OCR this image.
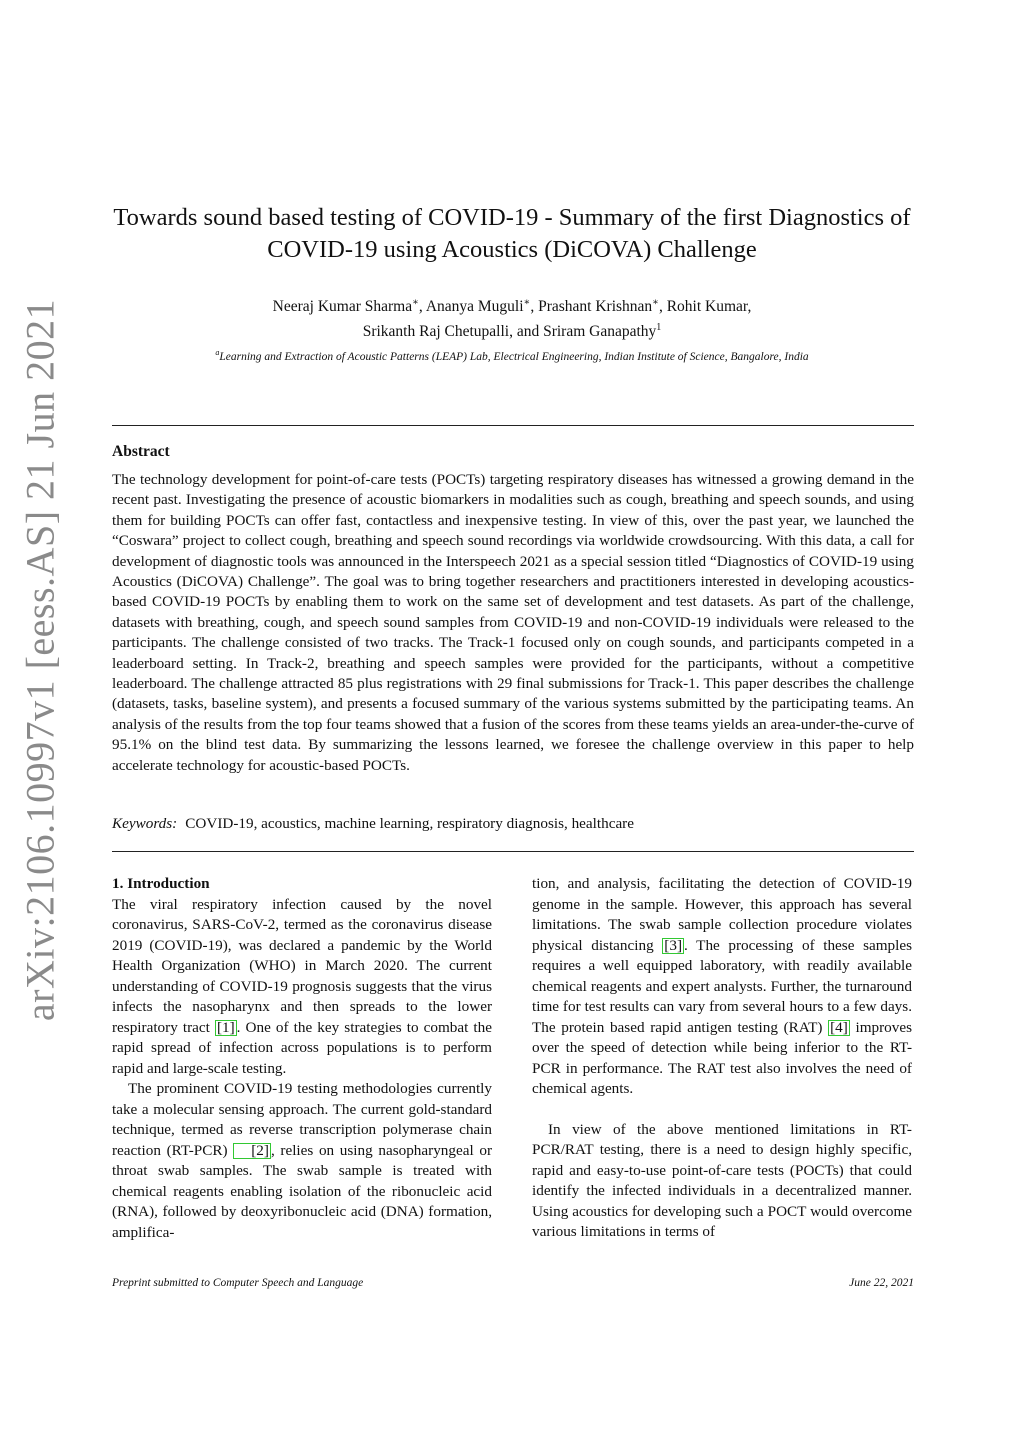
arXiv:2106.10997v1 [eess.AS] 21 Jun 2021
Towards sound based testing of COVID-19 - Summary of the first Diagnostics of
COVID-19 using Acoustics (DiCOVA) Challenge
Neeraj Kumar Sharma∗, Ananya Muguli∗, Prashant Krishnan∗, Rohit Kumar,
Srikanth Raj Chetupalli, and Sriram Ganapathy$^1$
$^a$Learning and Extraction of Acoustic Patterns (LEAP) Lab, Electrical Engineering, Indian Institute of Science, Bangalore, India
Abstract
The technology development for point-of-care tests (POCTs) targeting respiratory diseases has witnessed a growing demand in the recent past. Investigating the presence of acoustic biomarkers in modalities such as cough, breathing and speech sounds, and using them for building POCTs can offer fast, contactless and inexpensive testing. In view of this, over the past year, we launched the “Coswara” project to collect cough, breathing and speech sound recordings via worldwide crowdsourcing. With this data, a call for development of diagnostic tools was announced in the Interspeech 2021 as a special session titled “Diagnostics of COVID-19 using Acoustics (DiCOVA) Challenge”. The goal was to bring together researchers and practitioners interested in developing acoustics-based COVID-19 POCTs by enabling them to work on the same set of development and test datasets. As part of the challenge, datasets with breathing, cough, and speech sound samples from COVID-19 and non-COVID-19 individuals were released to the participants. The challenge consisted of two tracks. The Track-1 focused only on cough sounds, and participants competed in a leaderboard setting. In Track-2, breathing and speech samples were provided for the participants, without a competitive leaderboard. The challenge attracted 85 plus registrations with 29 final submissions for Track-1. This paper describes the challenge (datasets, tasks, baseline system), and presents a focused summary of the various systems submitted by the participating teams. An analysis of the results from the top four teams showed that a fusion of the scores from these teams yields an area-under-the-curve of 95.1% on the blind test data. By summarizing the lessons learned, we foresee the challenge overview in this paper to help accelerate technology for acoustic-based POCTs.
Keywords: COVID-19, acoustics, machine learning, respiratory diagnosis, healthcare

1. Introduction

The viral respiratory infection caused by the novel coronavirus, SARS-CoV-2, termed as the coronavirus disease 2019 (COVID-19), was declared a pandemic by the World Health Organization (WHO) in March 2020. The current understanding of COVID-19 prognosis suggests that the virus infects the nasopharynx and then spreads to the lower respiratory tract [1] . One of the key strategies to combat the rapid spread of infection across populations is to perform rapid and large-scale testing.

The prominent COVID-19 testing methodologies currently take a molecular sensing approach. The current gold-standard technique, termed as reverse transcription polymerase chain reaction (RT-PCR) [2] , relies on using nasopharyngeal or throat swab samples. The swab sample is treated with chemical reagents enabling isolation of the ribonucleic acid (RNA), followed by deoxyribonucleic acid (DNA) formation, amplifica-

tion, and analysis, facilitating the detection of COVID-19 genome in the sample. However, this approach has several limitations. The swab sample collection procedure violates physical distancing [3] . The processing of these samples requires a well equipped laboratory, with readily available chemical reagents and expert analysts. Further, the turnaround time for test results can vary from several hours to a few days. The protein based rapid antigen testing (RAT) [4] improves over the speed of detection while being inferior to the RT-PCR in performance. The RAT test also involves the need of chemical agents.

In view of the above mentioned limitations in RT-PCR/RAT testing, there is a need to design highly specific, rapid and easy-to-use point-of-care tests (POCTs) that could identify the infected individuals in a decentralized manner. Using acoustics for developing such a POCT would overcome various limitations in terms of

Preprint submitted to Computer Speech and Language	June 22, 2021
